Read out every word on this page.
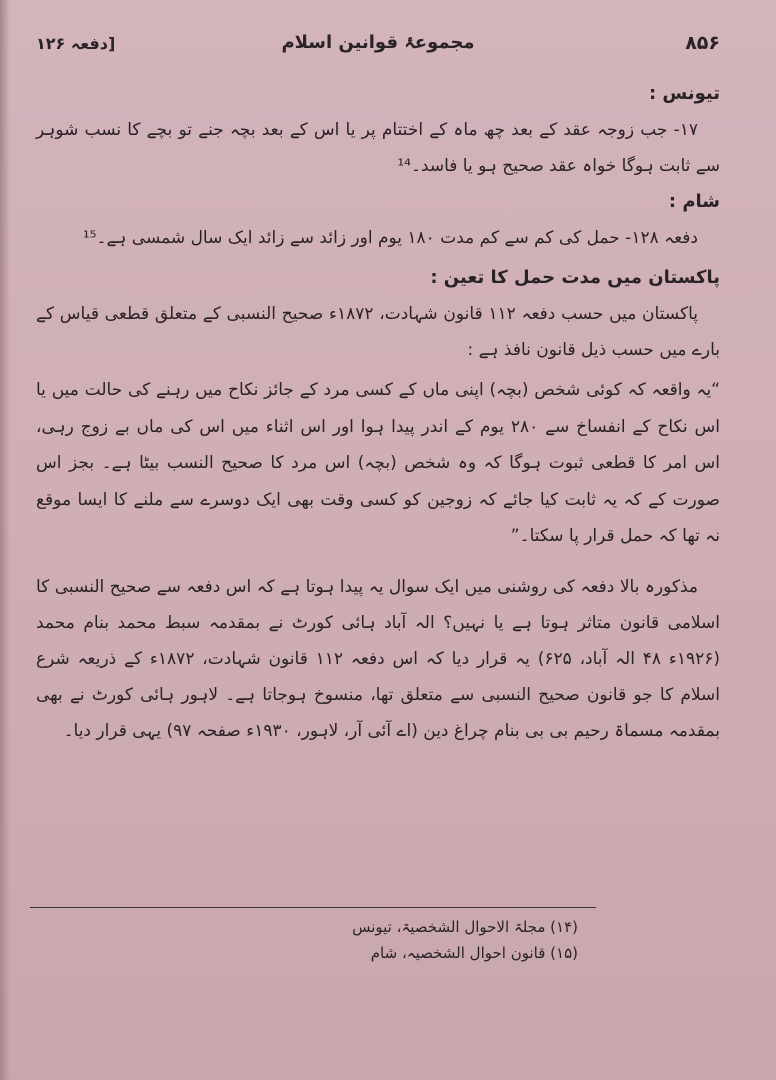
۸۵۶
مجموعۂ قوانین اسلام
[دفعہ ۱۲۶

تیونس :

۱۷- جب زوجہ عقد کے بعد چھ ماہ کے اختتام پر یا اس کے بعد بچہ جنے تو بچے کا نسب شوہر سے ثابت ہوگا خواہ عقد صحیح ہو یا فاسد۔¹⁴

شام :

دفعہ ۱۲۸- حمل کی کم سے کم مدت ۱۸۰ یوم اور زائد سے زائد ایک سال شمسی ہے۔¹⁵

پاکستان میں مدت حمل کا تعین :

پاکستان میں حسب دفعہ ۱۱۲ قانون شہادت، ۱۸۷۲ء صحیح النسبی کے متعلق قطعی قیاس کے بارے میں حسب ذیل قانون نافذ ہے :

“یہ واقعہ کہ کوئی شخص (بچہ) اپنی ماں کے کسی مرد کے جائز نکاح میں رہنے کی حالت میں یا اس نکاح کے انفساخ سے ۲۸۰ یوم کے اندر پیدا ہوا اور اس اثناء میں اس کی ماں بے زوج رہی، اس امر کا قطعی ثبوت ہوگا کہ وہ شخص (بچہ) اس مرد کا صحیح النسب بیٹا ہے۔ بجز اس صورت کے کہ یہ ثابت کیا جائے کہ زوجین کو کسی وقت بھی ایک دوسرے سے ملنے کا ایسا موقع نہ تھا کہ حمل قرار پا سکتا۔”

مذکورہ بالا دفعہ کی روشنی میں ایک سوال یہ پیدا ہوتا ہے کہ اس دفعہ سے صحیح النسبی کا اسلامی قانون متاثر ہوتا ہے یا نہیں؟ الہ آباد ہائی کورٹ نے بمقدمہ سبط محمد بنام محمد (۱۹۲۶ء ۴۸ الہ آباد، ۶۲۵) یہ قرار دیا کہ اس دفعہ ۱۱۲ قانون شہادت، ۱۸۷۲ء کے ذریعہ شرع اسلام کا جو قانون صحیح النسبی سے متعلق تھا، منسوخ ہوجاتا ہے۔ لاہور ہائی کورٹ نے بھی بمقدمہ مسماۃ رحیم بی بی بنام چراغ دین (اے آئی آر، لاہور، ۱۹۳۰ء صفحہ ۹۷) یہی قرار دیا۔

(۱۴) مجلۃ الاحوال الشخصیۃ، تیونس

(۱۵) قانون احوال الشخصیہ، شام
